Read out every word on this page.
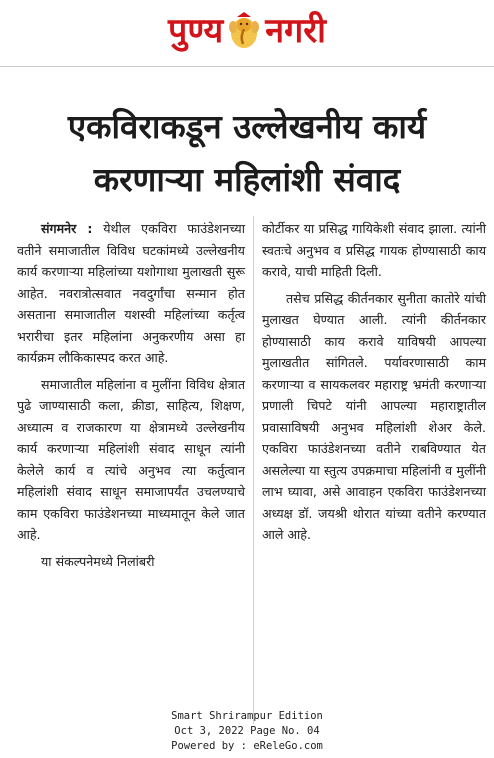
पुण्य नगरी
एकविराकडून उल्लेखनीय कार्य
करणाऱ्या महिलांशी संवाद

संगमनेर : येथील एकविरा फाउंडेशनच्या वतीने समाजातील विविध घटकांमध्ये उल्लेखनीय कार्य करणाऱ्या महिलांच्या यशोगाथा मुलाखती सुरू आहेत. नवरात्रोत्सवात नवदुर्गांचा सन्मान होत असताना समाजातील यशस्वी महिलांच्या कर्तृत्व भरारीचा इतर महिलांना अनुकरणीय असा हा कार्यक्रम लौकिकास्पद करत आहे.

समाजातील महिलांना व मुलींना विविध क्षेत्रात पुढे जाण्यासाठी कला, क्रीडा, साहित्य, शिक्षण, अध्यात्म व राजकारण या क्षेत्रामध्ये उल्लेखनीय कार्य करणाऱ्या महिलांशी संवाद साधून त्यांनी केलेले कार्य व त्यांचे अनुभव त्या कर्तुत्वान महिलांशी संवाद साधून समाजापर्यंत उचलण्याचे काम एकविरा फाउंडेशनच्या माध्यमातून केले जात आहे.

या संकल्पनेमध्ये निलांबरी

कोर्टीकर या प्रसिद्ध गायिकेशी संवाद झाला. त्यांनी स्वतःचे अनुभव व प्रसिद्ध गायक होण्यासाठी काय करावे, याची माहिती दिली.

तसेच प्रसिद्ध कीर्तनकार सुनीता कातोरे यांची मुलाखत घेण्यात आली. त्यांनी कीर्तनकार होण्यासाठी काय करावे याविषयी आपल्या मुलाखतीत सांगितले. पर्यावरणासाठी काम करणाऱ्या व सायकलवर महाराष्ट्र भ्रमंती करणाऱ्या प्रणाली चिपटे यांनी आपल्या महाराष्ट्रातील प्रवासाविषयी अनुभव महिलांशी शेअर केले. एकविरा फाउंडेशनच्या वतीने राबविण्यात येत असलेल्या या स्तुत्य उपक्रमाचा महिलांनी व मुलींनी लाभ घ्यावा, असे आवाहन एकविरा फाउंडेशनच्या अध्यक्ष डॉ. जयश्री थोरात यांच्या वतीने करण्यात आले आहे.

Smart Shrirampur Edition
Oct 3, 2022 Page No. 04
Powered by : eReleGo.com
